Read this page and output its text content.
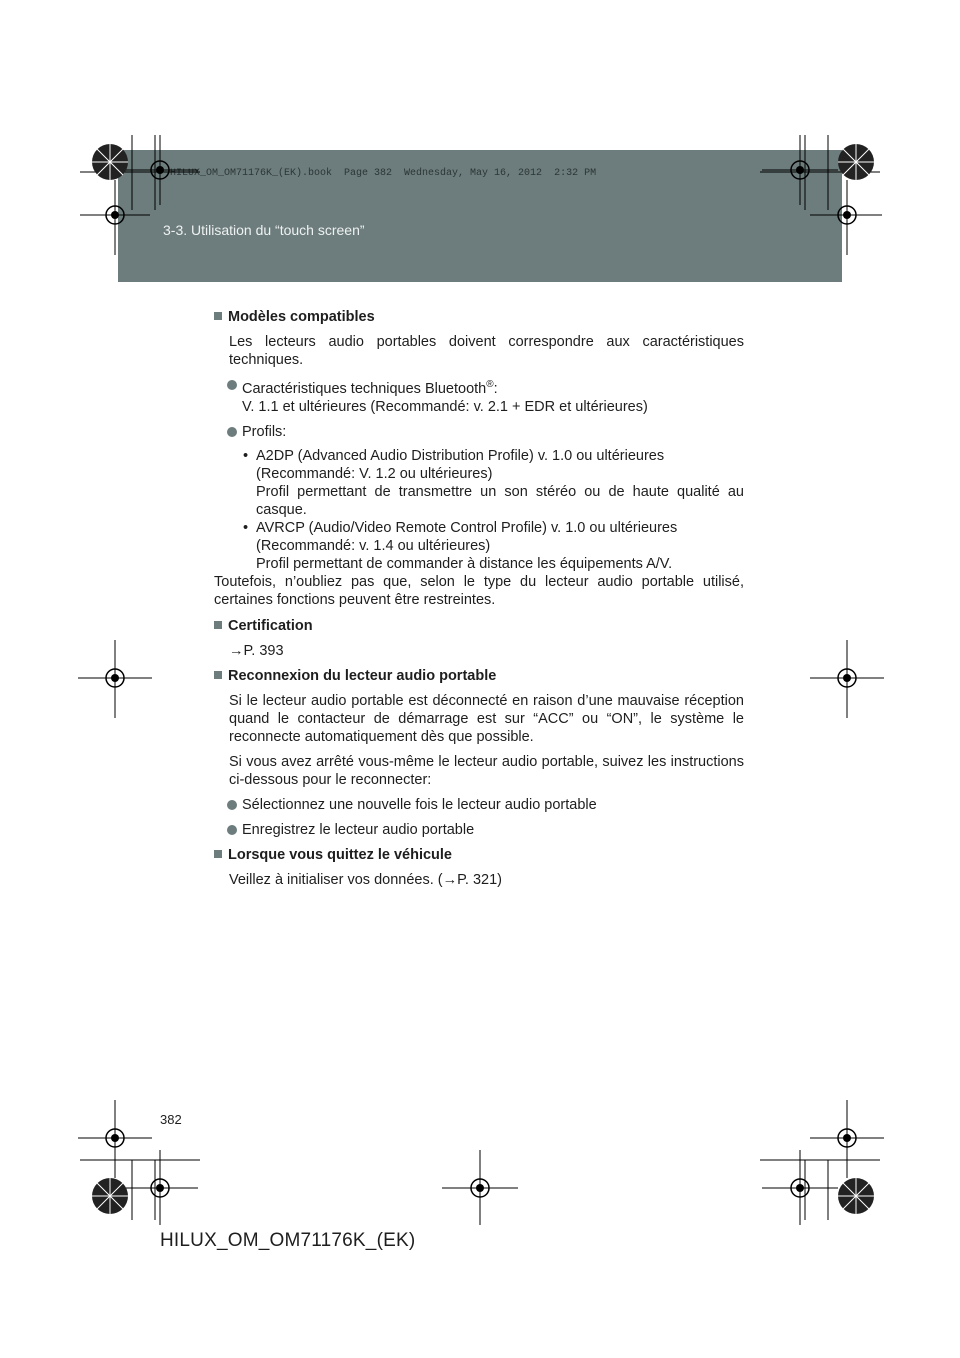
HILUX_OM_OM71176K_(EK).book  Page 382  Wednesday, May 16, 2012  2:32 PM
3-3. Utilisation du “touch screen”
Modèles compatibles

Les lecteurs audio portables doivent correspondre aux caractéristiques techniques.

Caractéristiques techniques Bluetooth®:
V. 1.1 et ultérieures (Recommandé: v. 2.1 + EDR et ultérieures)
Profils:
• A2DP (Advanced Audio Distribution Profile) v. 1.0 ou ultérieures
(Recommandé: V. 1.2 ou ultérieures)
Profil permettant de transmettre un son stéréo ou de haute qualité au casque.
• AVRCP (Audio/Video Remote Control Profile) v. 1.0 ou ultérieures
(Recommandé: v. 1.4 ou ultérieures)
Profil permettant de commander à distance les équipements A/V.

Toutefois, n’oubliez pas que, selon le type du lecteur audio portable utilisé, certaines fonctions peuvent être restreintes.

Certification

→P. 393

Reconnexion du lecteur audio portable

Si le lecteur audio portable est déconnecté en raison d’une mauvaise réception quand le contacteur de démarrage est sur “ACC” ou “ON”, le système le reconnecte automatiquement dès que possible.

Si vous avez arrêté vous-même le lecteur audio portable, suivez les instructions ci-dessous pour le reconnecter:

Sélectionnez une nouvelle fois le lecteur audio portable
Enregistrez le lecteur audio portable
Lorsque vous quittez le véhicule

Veillez à initialiser vos données. (→P. 321)

382
HILUX_OM_OM71176K_(EK)
